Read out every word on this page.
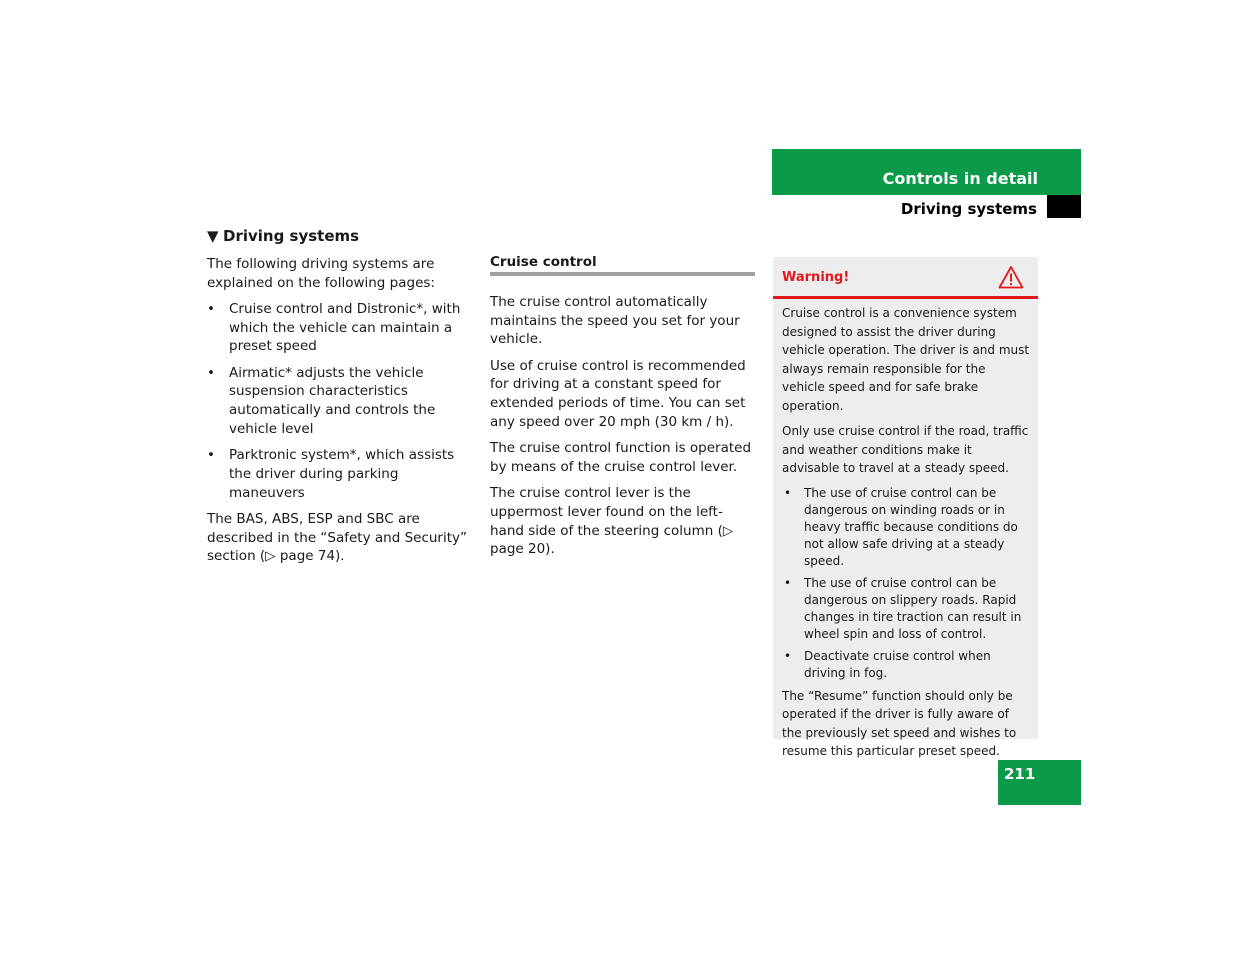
Controls in detail
Driving systems

▼ Driving systems

The following driving systems are explained on the following pages:

• Cruise control and Distronic*, with which the vehicle can maintain a preset speed
• Airmatic* adjusts the vehicle suspension characteristics automatically and controls the vehicle level
• Parktronic system*, which assists the driver during parking maneuvers

The BAS, ABS, ESP and SBC are described in the “Safety and Security” section (▷ page 74).

Cruise control

The cruise control automatically maintains the speed you set for your vehicle.

Use of cruise control is recommended for driving at a constant speed for extended periods of time. You can set any speed over 20 mph (30 km / h).

The cruise control function is operated by means of the cruise control lever.

The cruise control lever is the uppermost lever found on the left-hand side of the steering column (▷ page 20).

Warning!

Cruise control is a convenience system designed to assist the driver during vehicle operation. The driver is and must always remain responsible for the vehicle speed and for safe brake operation.

Only use cruise control if the road, traffic and weather conditions make it advisable to travel at a steady speed.

• The use of cruise control can be dangerous on winding roads or in heavy traffic because conditions do not allow safe driving at a steady speed.
• The use of cruise control can be dangerous on slippery roads. Rapid changes in tire traction can result in wheel spin and loss of control.
• Deactivate cruise control when driving in fog.

The “Resume” function should only be operated if the driver is fully aware of the previously set speed and wishes to resume this particular preset speed.

211
